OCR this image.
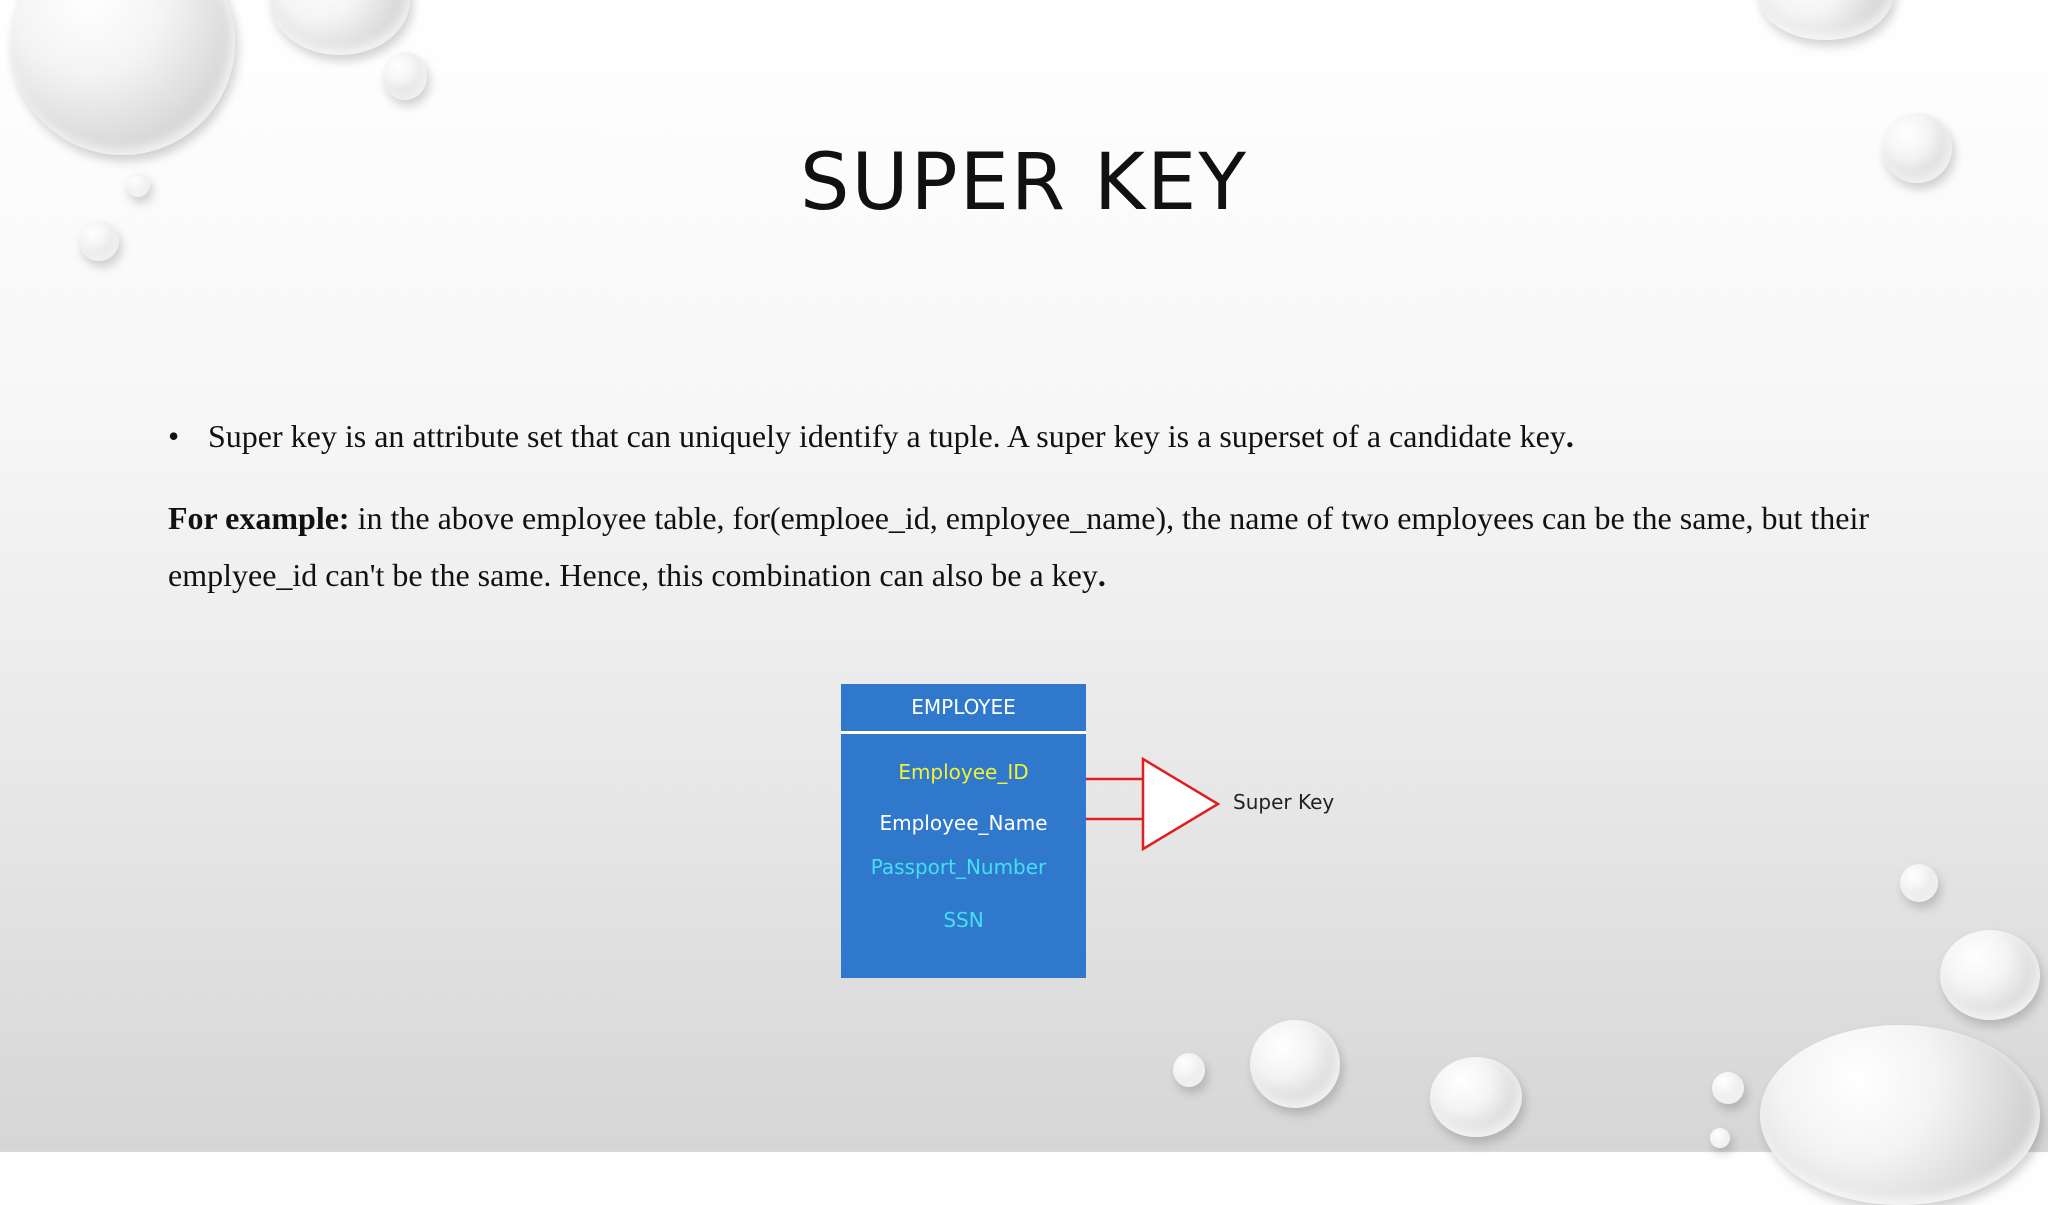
SUPER KEY
• Super key is an attribute set that can uniquely identify a tuple. A super key is a superset of a candidate key.
For example: in the above employee table, for(emploee_id, employee_name), the name of two employees can be the same, but their emplyee_id can't be the same. Hence, this combination can also be a key.
EMPLOYEE
Employee_ID
Employee_Name
Passport_Number
SSN
Super Key
